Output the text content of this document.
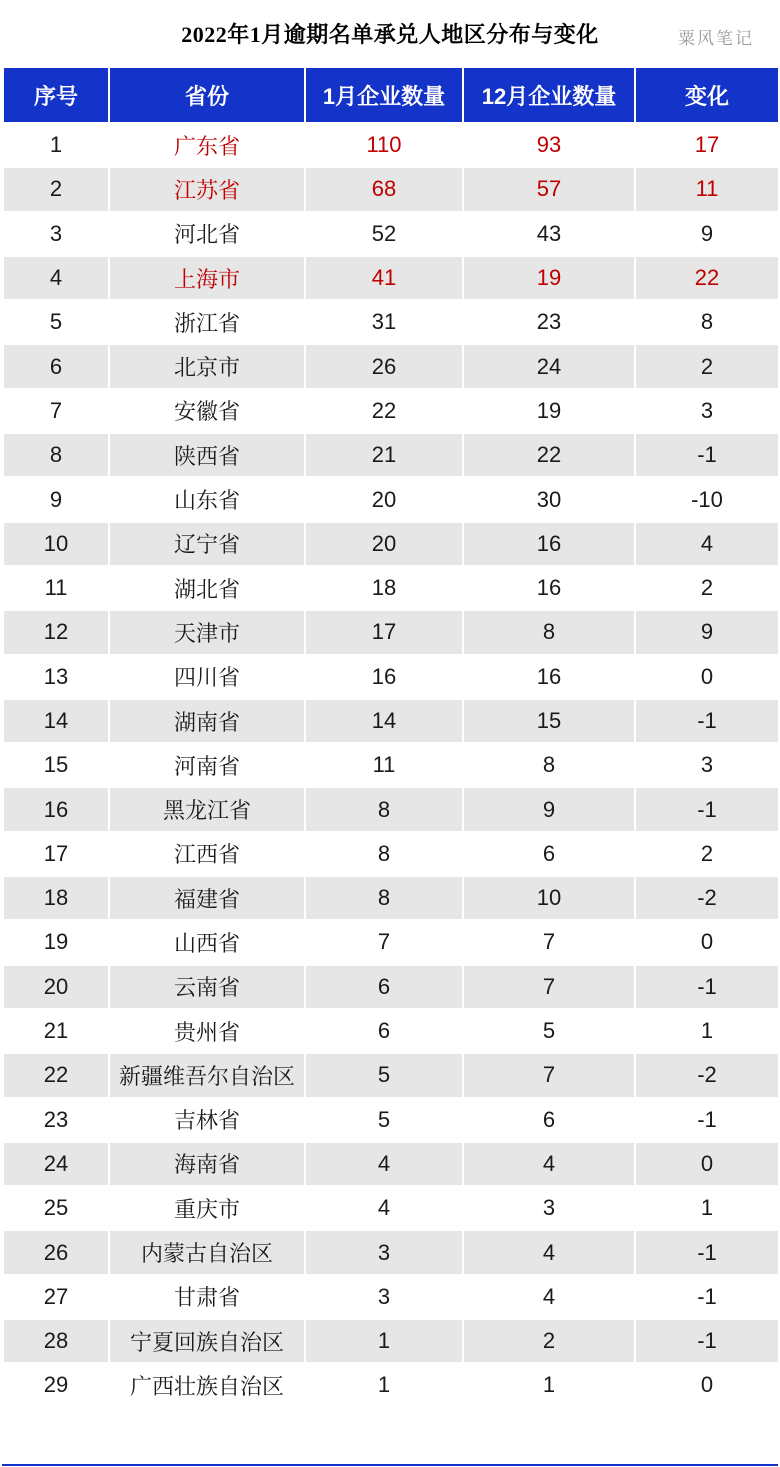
2022年1月逾期名单承兑人地区分布与变化	粟风笔记
序号	省份	1月企业数量	12月企业数量	变化
1	广东省	110	93	17
2	江苏省	68	57	11
3	河北省	52	43	9
4	上海市	41	19	22
5	浙江省	31	23	8
6	北京市	26	24	2
7	安徽省	22	19	3
8	陕西省	21	22	-1
9	山东省	20	30	-10
10	辽宁省	20	16	4
11	湖北省	18	16	2
12	天津市	17	8	9
13	四川省	16	16	0
14	湖南省	14	15	-1
15	河南省	11	8	3
16	黑龙江省	8	9	-1
17	江西省	8	6	2
18	福建省	8	10	-2
19	山西省	7	7	0
20	云南省	6	7	-1
21	贵州省	6	5	1
22	新疆维吾尔自治区	5	7	-2
23	吉林省	5	6	-1
24	海南省	4	4	0
25	重庆市	4	3	1
26	内蒙古自治区	3	4	-1
27	甘肃省	3	4	-1
28	宁夏回族自治区	1	2	-1
29	广西壮族自治区	1	1	0
